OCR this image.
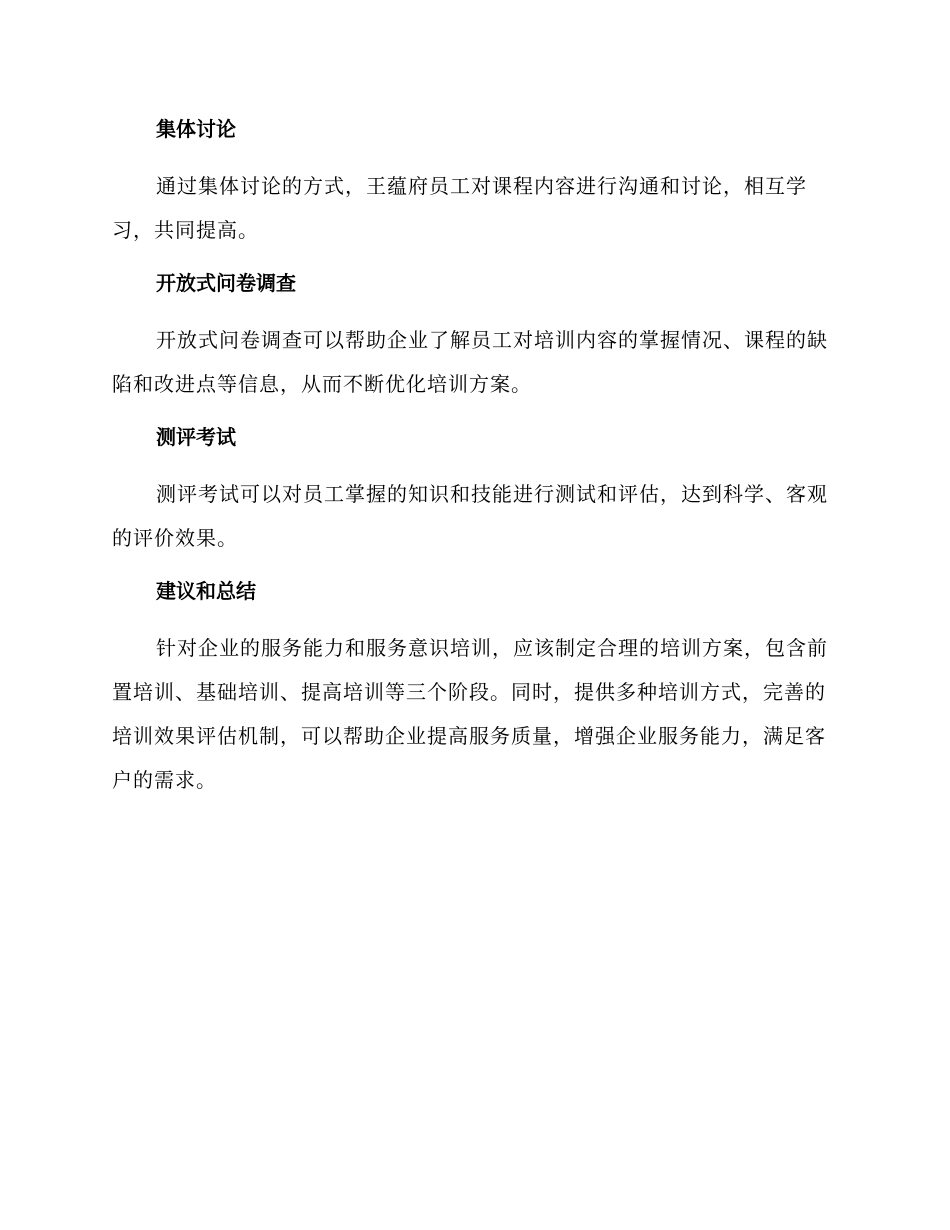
集体讨论

通过集体讨论的方式，王蕴府员工对课程内容进行沟通和讨论，相互学习，共同提高。

开放式问卷调查

开放式问卷调查可以帮助企业了解员工对培训内容的掌握情况、课程的缺陷和改进点等信息，从而不断优化培训方案。

测评考试

测评考试可以对员工掌握的知识和技能进行测试和评估，达到科学、客观的评价效果。

建议和总结

针对企业的服务能力和服务意识培训，应该制定合理的培训方案，包含前置培训、基础培训、提高培训等三个阶段。同时，提供多种培训方式，完善的培训效果评估机制，可以帮助企业提高服务质量，增强企业服务能力，满足客户的需求。
